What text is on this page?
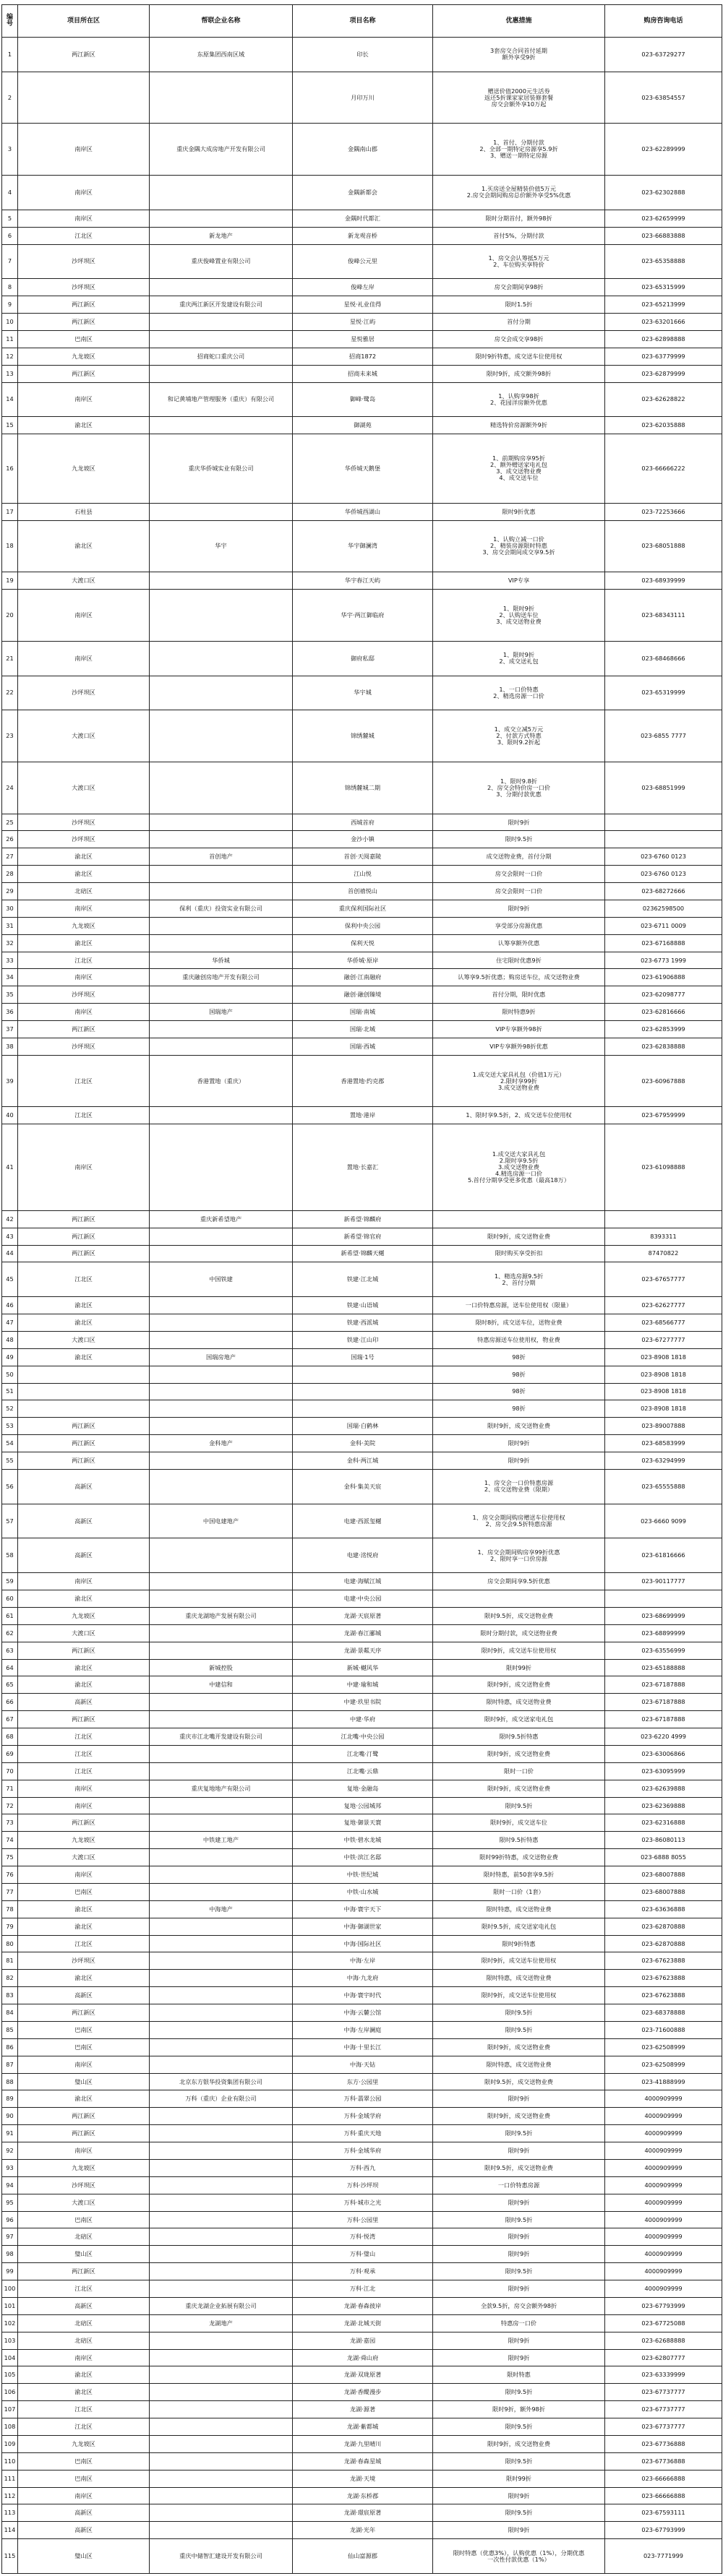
编号	项目所在区	帮联企业名称	项目名称	优惠措施	购房咨询电话
1	两江新区	东原集团西南区域	印长	3套房交合同首付延期
额外享受9折	023-63729277
2			月印万川	赠送价值2000元生活券
返还5折课家家居装修套餐
房交会额外享10万起	023-63854557
3	南岸区	重庆金隅大成房地产开发有限公司	金隅南山郡	1、首付、分期付款
2、全部一期特定房源享5.9折
3、赠送一期特定房源	023-62289999
4	南岸区		金隅新都会	1.买房送全屋精装价值5万元
2.房交会期间购房总价额外享受5%优惠	023-62302888
5	南岸区		金隅时代都汇	限时分期首付，额外98折	023-62659999
6	江北区	新龙地产	新龙观音桥	首付5%，分期付款	023-66883888
7	沙坪坝区	重庆俊峰置业有限公司	俊峰公元里	1、房交会认筹抵5万元
2、车位购买享特价	023-65358888
8	沙坪坝区		俊峰左岸	房交会期间享98折	023-65315999
9	两江新区	重庆两江新区开发建设有限公司	星悦·礼业佳得	限时1.5折	023-65213999
10	两江新区		星悦·江屿	首付分期	023-63201666
11	巴南区		星悦雅居	房交会成交享98折	023-62898888
12	九龙坡区	招商蛇口重庆公司	招商1872	限时9折特惠，成交送车位使用权	023-63779999
13	两江新区		招商未来城	限时9折，成交额外98折	023-62879999
14	南岸区	和记黄埔地产管理服务（重庆）有限公司	御峰·鹭岛	1、认购享98折
2、花园洋房额外优惠	023-62628822
15	渝北区		御湖苑	精选特价房源额外9折	023-62035888
16	九龙坡区	重庆华侨城实业有限公司	华侨城天鹅堡	1、前期购房享95折
2、额外赠送家电礼包
3、成交送物业费
4、成交送车位	023-66666222
17	石柱县		华侨城酉湖山	限时9折优惠	023-72253666
18	渝北区	华宇	华宇御澜湾	1、认购立减一口价
2、精装房源限时特惠
3、房交会期间成交享9.5折	023-68051888
19	大渡口区		华宇春江天屿	VIP专享	023-68939999
20	南岸区		华宇·两江御临府	1、限时9折
2、认购送车位
3、成交送物业费	023-68343111
21	南岸区		御府私邸	1、限时9折
2、成交送礼包	023-68468666
22	沙坪坝区		华宇城	1、一口价特惠
2、精选房源一口价	023-65319999
23	大渡口区		锦绣麓城	1、成交立减5万元
2、付款方式特惠
3、限时9.2折起	023-6855 7777
24	大渡口区		锦绣麓城二期	1、限时9.8折
2、房交会特价房一口价
3、分期付款优惠	023-68851999
25	沙坪坝区		西城首府	限时9折	
26	沙坪坝区		金沙小镇	限时9.5折	
27	渝北区	首创地产	首创·天阅嘉陵	成交送物业费，首付分期	023-6760 0123
28	渝北区		江山悦	房交会限时一口价	023-6760 0123
29	北碚区		首创禧悦山	房交会限时一口价	023-68272666
30	南岸区	保利（重庆）投资实业有限公司	重庆保利国际社区	限时9折	02362598500
31	九龙坡区		保利中央公园	享受部分房源优惠	023-6711 0009
32	渝北区		保利天悦	认筹享额外优惠	023-67168888
33	江北区	华侨城	华侨城·原岸	住宅限时优惠9折	023-6773 1999
34	南岸区	重庆融创房地产开发有限公司	融创·江南融府	认筹享9.5折优惠；购房送车位，成交送物业费	023-61906888
35	沙坪坝区		融创·融创臻境	首付分期，限时优惠	023-62098777
36	南岸区	国瑞地产	国瑞·南城	限时特惠9折	023-62816666
37	两江新区		国瑞·北城	VIP专享额外98折	023-62853999
38	沙坪坝区		国瑞·西城	VIP专享额外98折优惠	023-62838888
39	江北区	香港置地（重庆）	香港置地·约克郡	1.成交送大家具礼包（价值1万元）
2.限时享99折
3.成交送物业费	023-60967888
40	江北区		置地·港岸	1、限时享9.5折，2、成交送车位使用权	023-67959999
41	南岸区		置地·长嘉汇	1.成交送大家具礼包
2.限时享9.5折
3.成交送物业费
4.精选房源一口价
5.首付分期享受更多优惠（最高18万）	023-61098888
42	两江新区	重庆新希望地产	新希望·锦麟府		
43	两江新区		新希望·锦官府	限时9折，成交送物业费	8393311
44	两江新区		新希望·锦麟天樾	限时购买享受折扣	87470822
45	江北区	中国铁建	铁建·江北城	1、精选房源9.5折
2、首付分期	023-67657777
46	渝北区		铁建·山语城	一口价特惠房源，送车位使用权（限量）	023-62627777
47	渝北区		铁建·西派城	限时8折，成交送车位，送物业费	023-68566777
48	大渡口区		铁建·江山印	特惠房源送车位使用权，物业费	023-67277777
49	渝北区	国瑞房地产	国瑞·1号	98折	023-8908 1818
50				98折	023-8908 1818
51				98折	023-8908 1818
52				98折	023-8908 1818
53	两江新区		国瑞·白鹤林	限时9折，成交送物业费	023-89007888
54	两江新区	金科地产	金科·美院	限时9折	023-68583999
55	两江新区		金科·两江城	限时9折	023-63294999
56	高新区		金科·集美天宸	1、房交会一口价特惠房源
2、成交送物业费（限期）	023-65555888
57	高新区	中国电建地产	电建·西派玺樾	1、房交会期间购房赠送车位使用权
2、房交会9.5折特惠房源	023-6660 9099
58	高新区		电建·洺悦府	1、房交会期间购房享99折优惠
2、限时享一口价房源	023-61816666
59	南岸区		电建·海赋江城	房交会期间享9.5折优惠	023-90117777
60	渝北区		电建·中央公园		
61	九龙坡区	重庆龙湖地产发展有限公司	龙湖·天宸原著	限时9.5折，成交送物业费	023-68699999
62	大渡口区		龙湖·春江郦城	限时分期付款，成交送物业费	023-68899999
63	两江新区		龙湖·景粼天序	限时9折，成交送车位使用权	023-63556999
64	渝北区	新城控股	新城·樾风华	限时99折	023-65188888
65	渝北区	中建信和	中建·瑜和城	限时9折，成交送物业费	023-67187888
66	高新区		中建·玖里书院	限时特惠，成交送物业费	023-67187888
67	两江新区		中建·华府	限时9折，成交送家电礼包	023-67187888
68	江北区	重庆市江北嘴开发建设有限公司	江北嘴·中央公园	限时9.5折特惠	023-6220 4999
69	江北区		江北嘴·汀鹭	限时9折，成交送物业费	023-63006866
70	江北区		江北嘴·云鼎	限时一口价	023-63095999
71	南岸区	重庆复地地产有限公司	复地·金融岛	限时9折，成交送物业费	023-62639888
72	南岸区		复地·公园城邦	限时9.5折	023-62369888
73	两江新区		复地·御景天寰	限时9折，成交送车位	023-62316888
74	九龙坡区	中铁建工地产	中铁·碧水龙城	限时9.5折特惠	023-86080113
75	大渡口区		中铁·滨江名邸	限时99折特惠，成交送物业费	023-6888 8055
76	南岸区		中铁·世纪城	限时特惠，前50套享9.5折	023-68007888
77	巴南区		中铁·山水城	限时一口价（1套）	023-68007888
78	渝北区	中海地产	中海·寰宇天下	限时特惠，成交送物业费	023-63636888
79	渝北区		中海·御湖世家	限时9.5折，成交送家电礼包	023-62870888
80	江北区		中海·国际社区	限时9折特惠	023-62870888
81	沙坪坝区		中海·左岸	限时9折，成交送车位使用权	023-67623888
82	渝北区		中海·九龙府	限时特惠，成交送物业费	023-67623888
83	高新区		中海·寰宇时代	限时9折，成交送车位使用权	023-67623888
84	两江新区		中海·云麓公馆	限时9.5折	023-68378888
85	巴南区		中海·左岸澜庭	限时9.5折	023-71600888
86	巴南区		中海·十里长江	限时9折，成交送物业费	023-62508999
87	南岸区		中海·天钻	限时特惠，成交送物业费	023-62508999
88	璧山区	北京东方银华投资集团有限公司	东方·公园里	限时9.5折，成交送物业费	023-41888999
89	渝北区	万科（重庆）企业有限公司	万科·翡翠公园	限时9折	4000909999
90	两江新区		万科·金域学府	限时9折，成交送物业费	4000909999
91	两江新区		万科·重庆天地	限时9.5折	4000909999
92	南岸区		万科·金域华府	限时9折	4000909999
93	九龙坡区		万科·西九	限时9.5折，成交送物业费	4000909999
94	沙坪坝区		万科·沙坪坝	一口价特惠房源	4000909999
95	大渡口区		万科·城市之光	限时9折	4000909999
96	巴南区		万科·公园里	限时9.5折	4000909999
97	北碚区		万科·悦湾	限时9折	4000909999
98	璧山区		万科·璧山	限时9折	4000909999
99	两江新区		万科·观承	限时9.5折	4000909999
100	江北区		万科·江北	限时9折	4000909999
101	高新区	重庆龙湖企业拓展有限公司	龙湖·春森彼岸	全款9.5折，房交会额外98折	023-67793999
102	北碚区	龙湖地产	龙湖·北城天街	特惠房一口价	023-67725088
103	北碚区		龙湖·嘉园	限时9折	023-62688888
104	南岸区		龙湖·舜山府	限时9折	023-62807777
105	渝北区		龙湖·双珑原著	限时特惠	023-63339999
106	渝北区		龙湖·香醍漫步	限时9.5折	023-67737777
107	江北区		龙湖·源著	限时9折，额外98折	023-67737777
108	江北区		龙湖·紫都城	限时9.5折	023-67737777
109	九龙坡区		龙湖·九里晴川	限时9折，成交送物业费	023-67736888
110	巴南区		龙湖·春森星城	限时9.5折	023-67736888
111	巴南区		龙湖·天境	限时99折	023-66666888
112	南岸区		龙湖·东桥郡	限时9折	023-66666888
113	高新区		龙湖·璟宸原著	限时9.5折	023-67593111
114	高新区		龙湖·光年	限时9折	023-67793999
115	璧山区	重庆中储智汇建设开发有限公司	仙山富源郡	限时特惠（优惠3%），认购优惠（1%），分期优惠
一次性付款优惠（1%）	023-7771999
